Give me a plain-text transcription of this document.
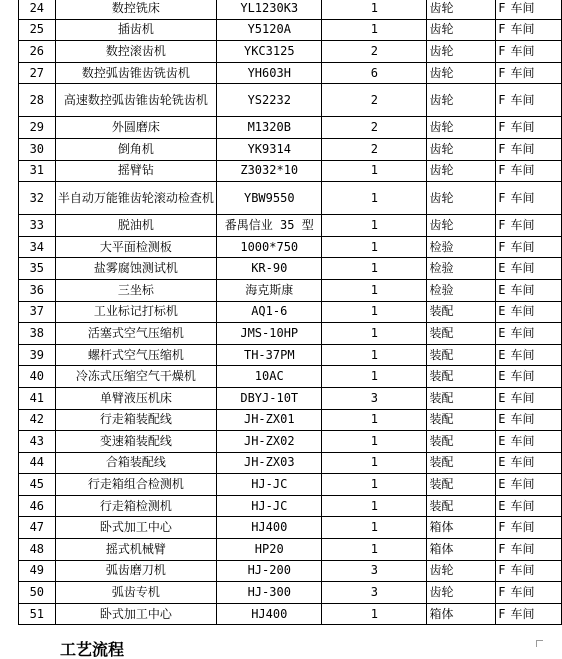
24	数控铣床	YL1230K3	1	齿轮	F 车间
25	插齿机	Y5120A	1	齿轮	F 车间
26	数控滚齿机	YKC3125	2	齿轮	F 车间
27	数控弧齿锥齿铣齿机	YH603H	6	齿轮	F 车间
28	高速数控弧齿锥齿轮铣齿机	YS2232	2	齿轮	F 车间
29	外圆磨床	M1320B	2	齿轮	F 车间
30	倒角机	YK9314	2	齿轮	F 车间
31	摇臂钻	Z3032*10	1	齿轮	F 车间
32	半自动万能锥齿轮滚动检查机	YBW9550	1	齿轮	F 车间
33	脱油机	番禺信业 35 型	1	齿轮	F 车间
34	大平面检测板	1000*750	1	检验	F 车间
35	盐雾腐蚀测试机	KR-90	1	检验	E 车间
36	三坐标	海克斯康	1	检验	E 车间
37	工业标记打标机	AQ1-6	1	装配	E 车间
38	活塞式空气压缩机	JMS-10HP	1	装配	E 车间
39	螺杆式空气压缩机	TH-37PM	1	装配	E 车间
40	冷冻式压缩空气干燥机	10AC	1	装配	E 车间
41	单臂液压机床	DBYJ-10T	3	装配	E 车间
42	行走箱装配线	JH-ZX01	1	装配	E 车间
43	变速箱装配线	JH-ZX02	1	装配	E 车间
44	合箱装配线	JH-ZX03	1	装配	E 车间
45	行走箱组合检测机	HJ-JC	1	装配	E 车间
46	行走箱检测机	HJ-JC	1	装配	E 车间
47	卧式加工中心	HJ400	1	箱体	F 车间
48	摇式机械臂	HP20	1	箱体	F 车间
49	弧齿磨刀机	HJ-200	3	齿轮	F 车间
50	弧齿专机	HJ-300	3	齿轮	F 车间
51	卧式加工中心	HJ400	1	箱体	F 车间
工艺流程
